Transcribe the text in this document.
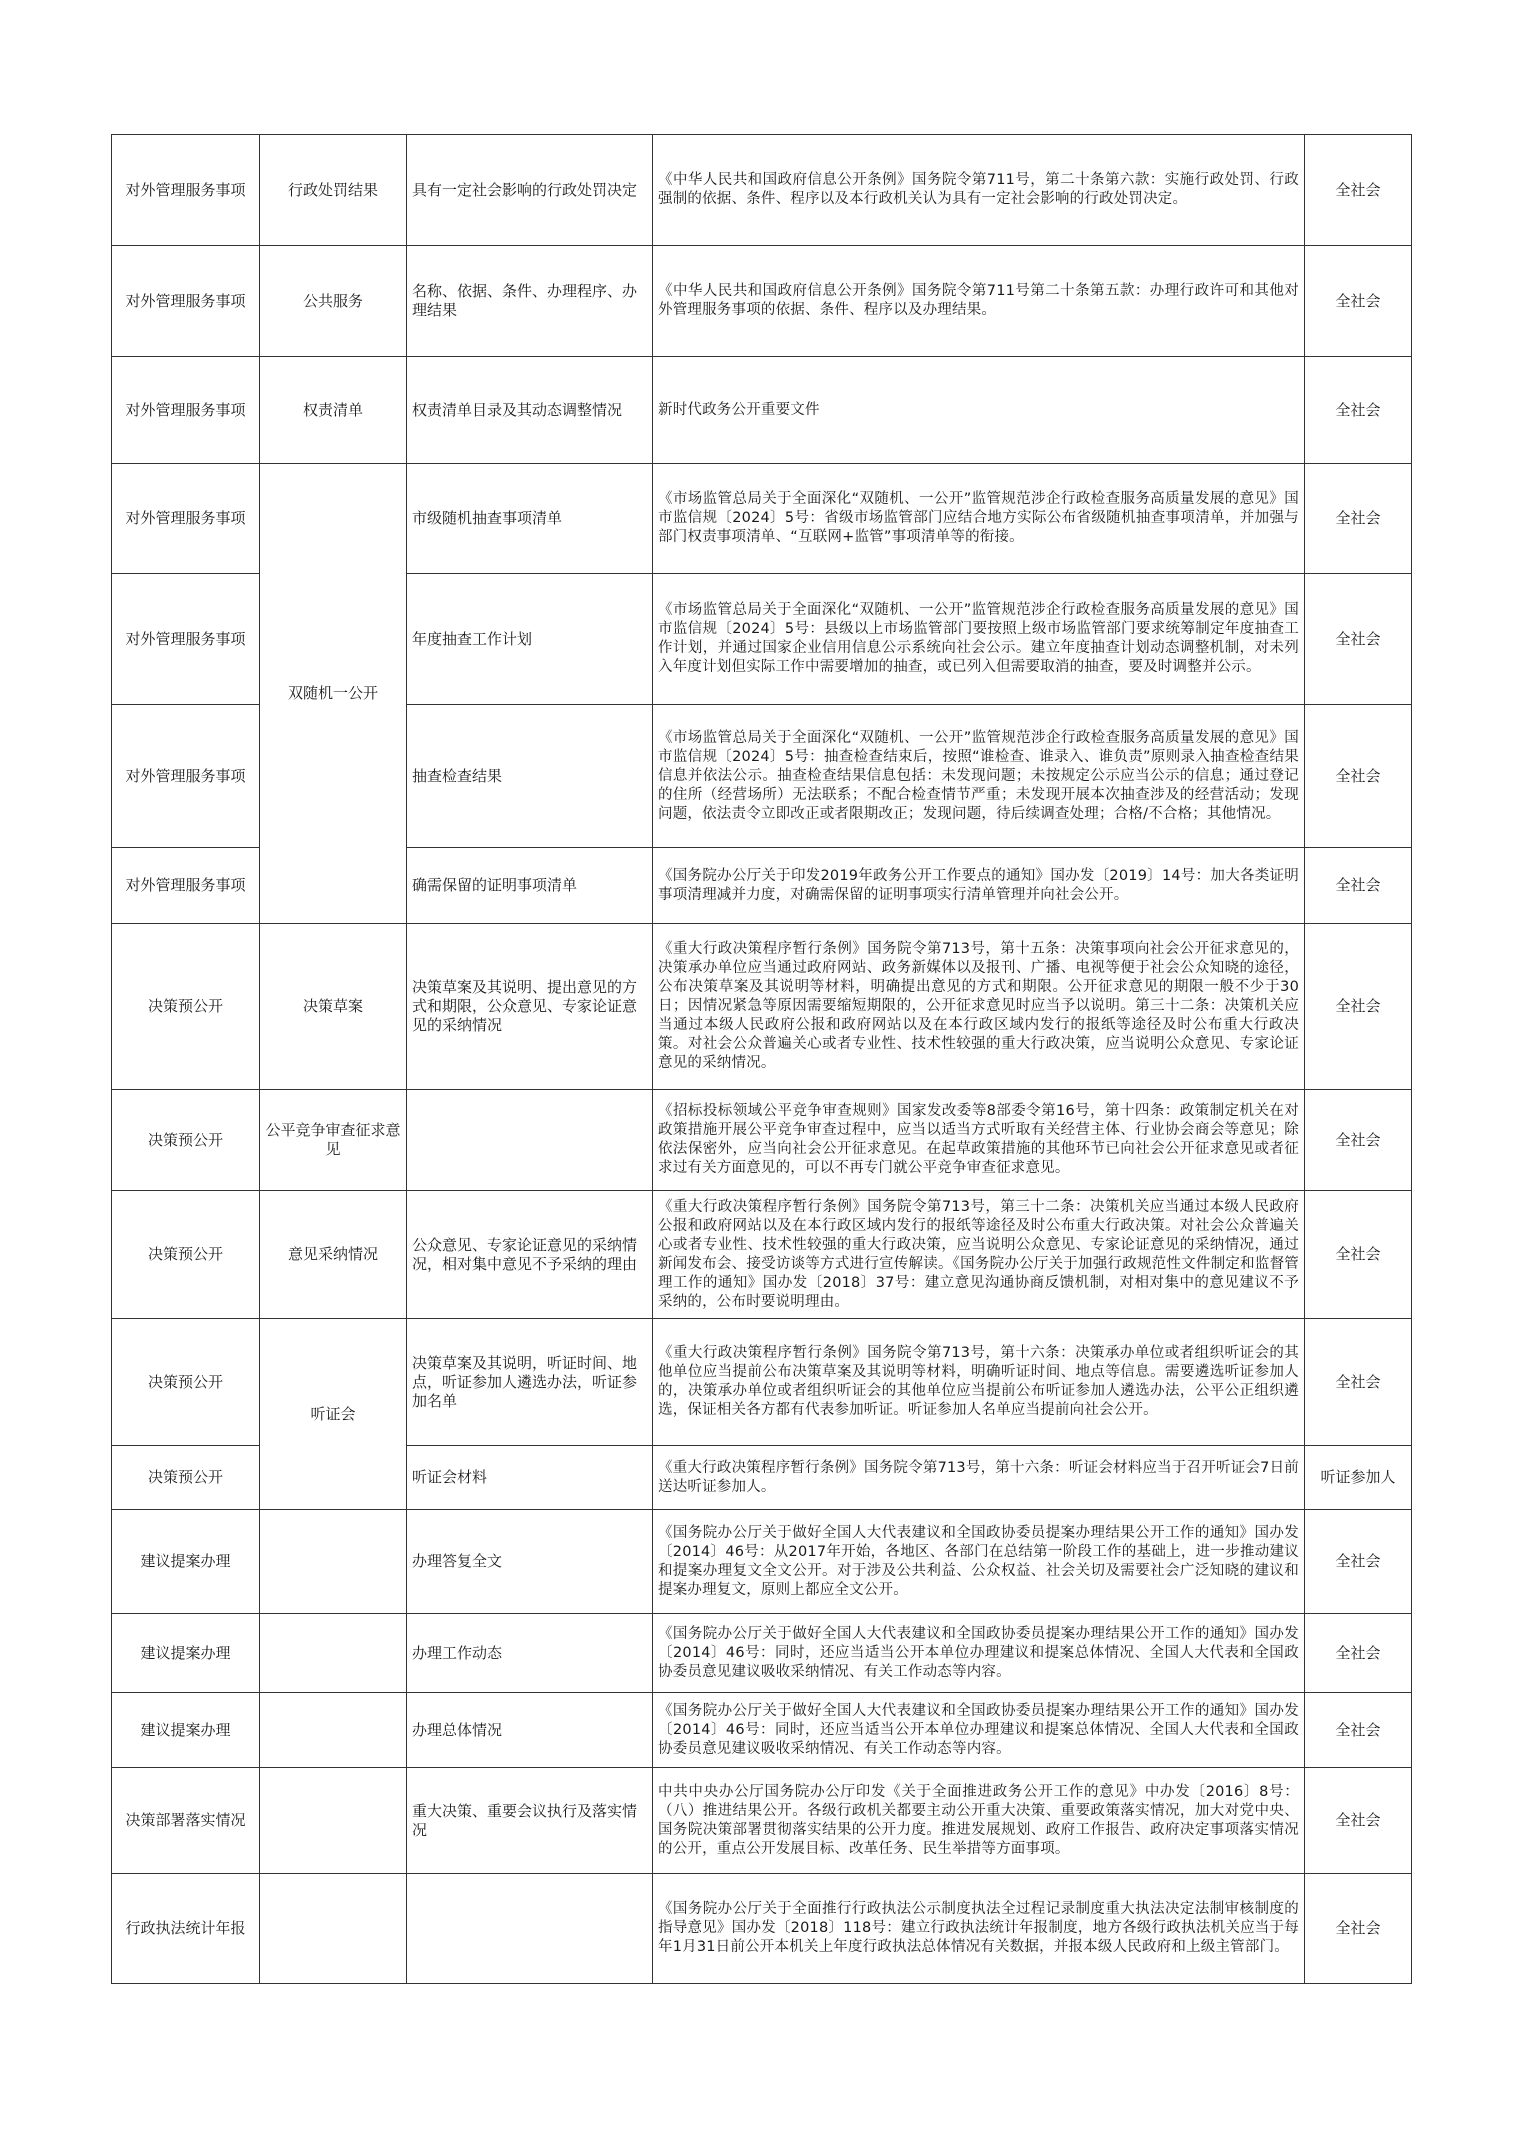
对外管理服务事项	行政处罚结果	具有一定社会影响的行政处罚决定	《中华人民共和国政府信息公开条例》国务院令第711号，第二十条第六款：实施行政处罚、行政强制的依据、条件、程序以及本行政机关认为具有一定社会影响的行政处罚决定。	全社会
对外管理服务事项	公共服务	名称、依据、条件、办理程序、办理结果	《中华人民共和国政府信息公开条例》国务院令第711号第二十条第五款：办理行政许可和其他对外管理服务事项的依据、条件、程序以及办理结果。	全社会
对外管理服务事项	权责清单	权责清单目录及其动态调整情况	新时代政务公开重要文件	全社会
对外管理服务事项	双随机一公开	市级随机抽查事项清单	《市场监管总局关于全面深化“双随机、一公开”监管规范涉企行政检查服务高质量发展的意见》国市监信规〔2024〕5号：省级市场监管部门应结合地方实际公布省级随机抽查事项清单，并加强与部门权责事项清单、“互联网+监管”事项清单等的衔接。	全社会
对外管理服务事项		年度抽查工作计划	《市场监管总局关于全面深化“双随机、一公开”监管规范涉企行政检查服务高质量发展的意见》国市监信规〔2024〕5号：县级以上市场监管部门要按照上级市场监管部门要求统筹制定年度抽查工作计划，并通过国家企业信用信息公示系统向社会公示。建立年度抽查计划动态调整机制，对未列入年度计划但实际工作中需要增加的抽查，或已列入但需要取消的抽查，要及时调整并公示。	全社会
对外管理服务事项		抽查检查结果	《市场监管总局关于全面深化“双随机、一公开”监管规范涉企行政检查服务高质量发展的意见》国市监信规〔2024〕5号：抽查检查结束后，按照“谁检查、谁录入、谁负责”原则录入抽查检查结果信息并依法公示。抽查检查结果信息包括：未发现问题；未按规定公示应当公示的信息；通过登记的住所（经营场所）无法联系；不配合检查情节严重；未发现开展本次抽查涉及的经营活动；发现问题，依法责令立即改正或者限期改正；发现问题，待后续调查处理；合格/不合格；其他情况。	全社会
对外管理服务事项		确需保留的证明事项清单	《国务院办公厅关于印发2019年政务公开工作要点的通知》国办发〔2019〕14号：加大各类证明事项清理减并力度，对确需保留的证明事项实行清单管理并向社会公开。	全社会
决策预公开	决策草案	决策草案及其说明、提出意见的方式和期限，公众意见、专家论证意见的采纳情况	《重大行政决策程序暂行条例》国务院令第713号，第十五条：决策事项向社会公开征求意见的，决策承办单位应当通过政府网站、政务新媒体以及报刊、广播、电视等便于社会公众知晓的途径，公布决策草案及其说明等材料，明确提出意见的方式和期限。公开征求意见的期限一般不少于30日；因情况紧急等原因需要缩短期限的，公开征求意见时应当予以说明。第三十二条：决策机关应当通过本级人民政府公报和政府网站以及在本行政区域内发行的报纸等途径及时公布重大行政决策。对社会公众普遍关心或者专业性、技术性较强的重大行政决策，应当说明公众意见、专家论证意见的采纳情况。	全社会
决策预公开	公平竞争审查征求意见		《招标投标领域公平竞争审查规则》国家发改委等8部委令第16号，第十四条：政策制定机关在对政策措施开展公平竞争审查过程中，应当以适当方式听取有关经营主体、行业协会商会等意见；除依法保密外，应当向社会公开征求意见。在起草政策措施的其他环节已向社会公开征求意见或者征求过有关方面意见的，可以不再专门就公平竞争审查征求意见。	全社会
决策预公开	意见采纳情况	公众意见、专家论证意见的采纳情况，相对集中意见不予采纳的理由	《重大行政决策程序暂行条例》国务院令第713号，第三十二条：决策机关应当通过本级人民政府公报和政府网站以及在本行政区域内发行的报纸等途径及时公布重大行政决策。对社会公众普遍关心或者专业性、技术性较强的重大行政决策，应当说明公众意见、专家论证意见的采纳情况，通过新闻发布会、接受访谈等方式进行宣传解读。《国务院办公厅关于加强行政规范性文件制定和监督管理工作的通知》国办发〔2018〕37号：建立意见沟通协商反馈机制，对相对集中的意见建议不予采纳的，公布时要说明理由。	全社会
决策预公开	听证会	决策草案及其说明，听证时间、地点，听证参加人遴选办法，听证参加名单	《重大行政决策程序暂行条例》国务院令第713号，第十六条：决策承办单位或者组织听证会的其他单位应当提前公布决策草案及其说明等材料，明确听证时间、地点等信息。需要遴选听证参加人的，决策承办单位或者组织听证会的其他单位应当提前公布听证参加人遴选办法，公平公正组织遴选，保证相关各方都有代表参加听证。听证参加人名单应当提前向社会公开。	全社会
决策预公开		听证会材料	《重大行政决策程序暂行条例》国务院令第713号，第十六条：听证会材料应当于召开听证会7日前送达听证参加人。	听证参加人
建议提案办理		办理答复全文	《国务院办公厅关于做好全国人大代表建议和全国政协委员提案办理结果公开工作的通知》国办发〔2014〕46号：从2017年开始，各地区、各部门在总结第一阶段工作的基础上，进一步推动建议和提案办理复文全文公开。对于涉及公共利益、公众权益、社会关切及需要社会广泛知晓的建议和提案办理复文，原则上都应全文公开。	全社会
建议提案办理		办理工作动态	《国务院办公厅关于做好全国人大代表建议和全国政协委员提案办理结果公开工作的通知》国办发〔2014〕46号：同时，还应当适当公开本单位办理建议和提案总体情况、全国人大代表和全国政协委员意见建议吸收采纳情况、有关工作动态等内容。	全社会
建议提案办理		办理总体情况	《国务院办公厅关于做好全国人大代表建议和全国政协委员提案办理结果公开工作的通知》国办发〔2014〕46号：同时，还应当适当公开本单位办理建议和提案总体情况、全国人大代表和全国政协委员意见建议吸收采纳情况、有关工作动态等内容。	全社会
决策部署落实情况		重大决策、重要会议执行及落实情况	中共中央办公厅国务院办公厅印发《关于全面推进政务公开工作的意见》中办发〔2016〕8号：（八）推进结果公开。各级行政机关都要主动公开重大决策、重要政策落实情况，加大对党中央、国务院决策部署贯彻落实结果的公开力度。推进发展规划、政府工作报告、政府决定事项落实情况的公开，重点公开发展目标、改革任务、民生举措等方面事项。	全社会
行政执法统计年报			《国务院办公厅关于全面推行行政执法公示制度执法全过程记录制度重大执法决定法制审核制度的指导意见》国办发〔2018〕118号：建立行政执法统计年报制度，地方各级行政执法机关应当于每年1月31日前公开本机关上年度行政执法总体情况有关数据，并报本级人民政府和上级主管部门。	全社会
